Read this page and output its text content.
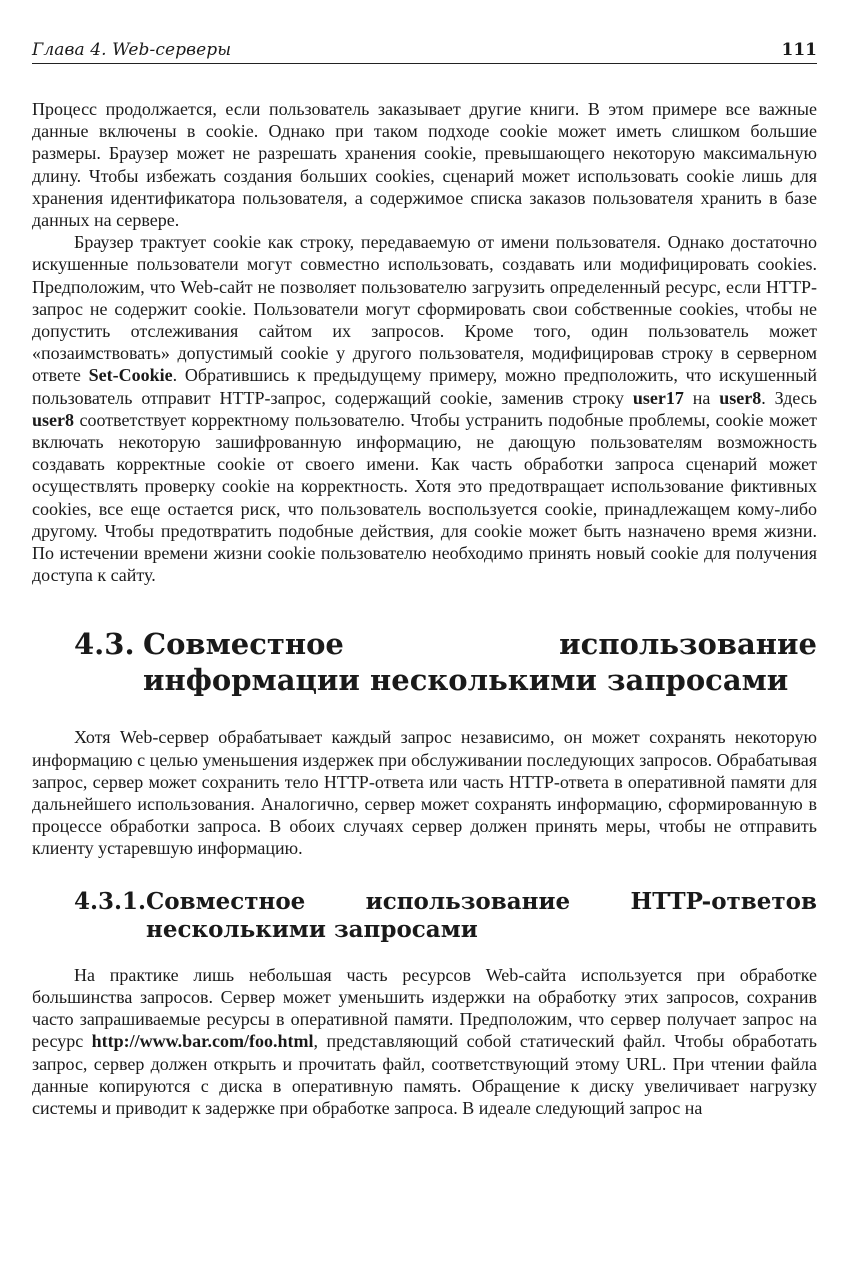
Глава 4. Web-серверы	111

Процесс продолжается, если пользователь заказывает другие книги. В этом примере все важные данные включены в cookie. Однако при таком подходе cookie может иметь слишком большие размеры. Браузер может не разрешать хранения cookie, превышающего некоторую максимальную длину. Чтобы избежать создания больших cookies, сценарий может использовать cookie лишь для хранения идентификатора пользователя, а содержимое списка заказов пользователя хранить в базе данных на сервере.

Браузер трактует cookie как строку, передаваемую от имени пользователя. Однако достаточно искушенные пользователи могут совместно использовать, создавать или модифицировать cookies. Предположим, что Web-сайт не позволяет пользователю загрузить определенный ресурс, если HTTP-запрос не содержит cookie. Пользователи могут сформировать свои собственные cookies, чтобы не допустить отслеживания сайтом их запросов. Кроме того, один пользователь может «позаимствовать» допустимый cookie у другого пользователя, модифицировав строку в серверном ответе Set-Cookie. Обратившись к предыдущему примеру, можно предположить, что искушенный пользователь отправит HTTP-запрос, содержащий cookie, заменив строку user17 на user8. Здесь user8 соответствует корректному пользователю. Чтобы устранить подобные проблемы, cookie может включать некоторую зашифрованную информацию, не дающую пользователям возможность создавать корректные cookie от своего имени. Как часть обработки запроса сценарий может осуществлять проверку cookie на корректность. Хотя это предотвращает использование фиктивных cookies, все еще остается риск, что пользователь воспользуется cookie, принадлежащем кому-либо другому. Чтобы предотвратить подобные действия, для cookie может быть назначено время жизни. По истечении времени жизни cookie пользователю необходимо принять новый cookie для получения доступа к сайту.

4.3. Совместное использование информации несколькими запросами

Хотя Web-сервер обрабатывает каждый запрос независимо, он может сохранять некоторую информацию с целью уменьшения издержек при обслуживании последующих запросов. Обрабатывая запрос, сервер может сохранить тело HTTP-ответа или часть HTTP-ответа в оперативной памяти для дальнейшего использования. Аналогично, сервер может сохранять информацию, сформированную в процессе обработки запроса. В обоих случаях сервер должен принять меры, чтобы не отправить клиенту устаревшую информацию.

4.3.1. Совместное использование HTTP-ответов несколькими запросами

На практике лишь небольшая часть ресурсов Web-сайта используется при обработке большинства запросов. Сервер может уменьшить издержки на обработку этих запросов, сохранив часто запрашиваемые ресурсы в оперативной памяти. Предположим, что сервер получает запрос на ресурс http://www.bar.com/foo.html, представляющий собой статический файл. Чтобы обработать запрос, сервер должен открыть и прочитать файл, соответствующий этому URL. При чтении файла данные копируются с диска в оперативную память. Обращение к диску увеличивает нагрузку системы и приводит к задержке при обработке запроса. В идеале следующий запрос на
